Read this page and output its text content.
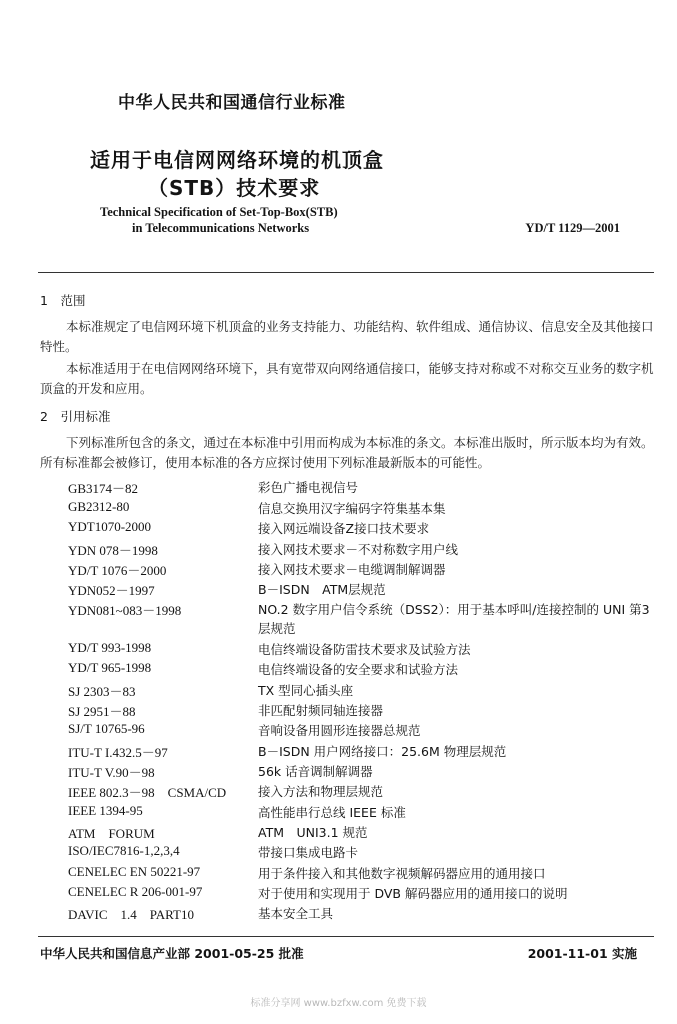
中华人民共和国通信行业标准
适用于电信网网络环境的机顶盒
（STB）技术要求
Technical Specification of Set-Top-Box(STB)
in Telecommunications Networks	YD/T 1129—2001
1　范围
本标准规定了电信网环境下机顶盒的业务支持能力、功能结构、软件组成、通信协议、信息安全及其他接口特性。
本标准适用于在电信网网络环境下，具有宽带双向网络通信接口，能够支持对称或不对称交互业务的数字机顶盒的开发和应用。
2　引用标准
下列标准所包含的条文，通过在本标准中引用而构成为本标准的条文。本标准出版时，所示版本均为有效。所有标准都会被修订，使用本标准的各方应探讨使用下列标准最新版本的可能性。
GB3174－82	彩色广播电视信号
GB2312-80	信息交换用汉字编码字符集基本集
YDT1070-2000	接入网远端设备Z接口技术要求
YDN 078－1998	接入网技术要求－不对称数字用户线
YD/T 1076－2000	接入网技术要求－电缆调制解调器
YDN052－1997	B－ISDN　ATM层规范
YDN081~083－1998	NO.2 数字用户信令系统（DSS2）：用于基本呼叫/连接控制的 UNI 第3层规范
YD/T 993-1998	电信终端设备防雷技术要求及试验方法
YD/T 965-1998	电信终端设备的安全要求和试验方法
SJ 2303－83	TX 型同心插头座
SJ 2951－88	非匹配射频同轴连接器
SJ/T 10765-96	音响设备用圆形连接器总规范
ITU-T I.432.5－97	B－ISDN 用户网络接口：25.6M 物理层规范
ITU-T V.90－98	56k 话音调制解调器
IEEE 802.3－98　CSMA/CD	接入方法和物理层规范
IEEE 1394-95	高性能串行总线 IEEE 标准
ATM　FORUM	ATM　UNI3.1 规范
ISO/IEC7816-1,2,3,4	带接口集成电路卡
CENELEC EN 50221-97	用于条件接入和其他数字视频解码器应用的通用接口
CENELEC R 206-001-97	对于使用和实现用于 DVB 解码器应用的通用接口的说明
DAVIC　1.4　PART10	基本安全工具
中华人民共和国信息产业部 2001-05-25 批准	2001-11-01 实施
标准分享网 www.bzfxw.com 免费下载
